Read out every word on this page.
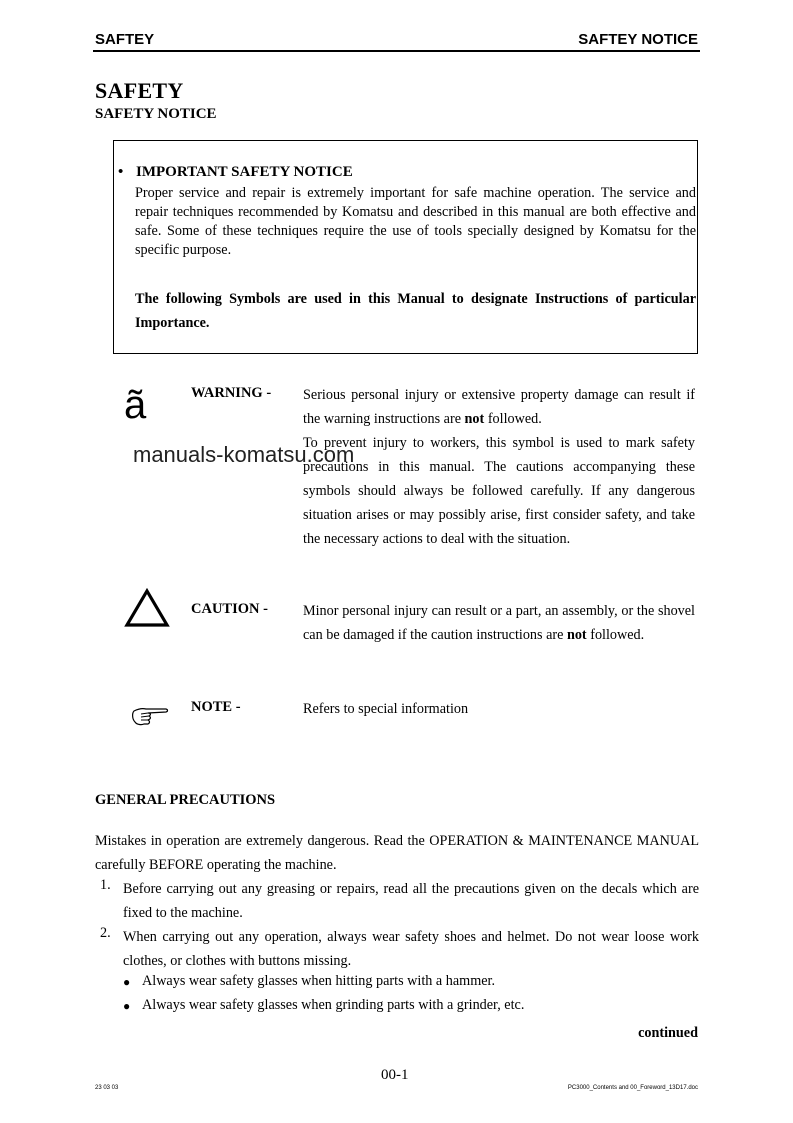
SAFTEY	SAFTEY NOTICE
SAFETY
SAFETY NOTICE
• IMPORTANT SAFETY NOTICE
Proper service and repair is extremely important for safe machine operation. The service and repair techniques recommended by Komatsu and described in this manual are both effective and safe. Some of these techniques require the use of tools specially designed by Komatsu for the specific purpose.
The following Symbols are used in this Manual to designate Instructions of particular Importance.
ã	WARNING - Serious personal injury or extensive property damage can result if the warning instructions are not followed.
To prevent injury to workers, this symbol is used to mark safety precautions in this manual. The cautions accompanying these symbols should always be followed carefully. If any dangerous situation arises or may possibly arise, first consider safety, and take the necessary actions to deal with the situation.
manuals-komatsu.com
CAUTION - Minor personal injury can result or a part, an assembly, or the shovel can be damaged if the caution instructions are not followed.
NOTE -	Refers to special information
GENERAL PRECAUTIONS
Mistakes in operation are extremely dangerous. Read the OPERATION & MAINTENANCE MANUAL carefully BEFORE operating the machine.
1. Before carrying out any greasing or repairs, read all the precautions given on the decals which are fixed to the machine.
2. When carrying out any operation, always wear safety shoes and helmet. Do not wear loose work clothes, or clothes with buttons missing.
● Always wear safety glasses when hitting parts with a hammer.
● Always wear safety glasses when grinding parts with a grinder, etc.
continued
00-1
23 03 03	PC3000_Contents and 00_Foreword_13D17.doc
